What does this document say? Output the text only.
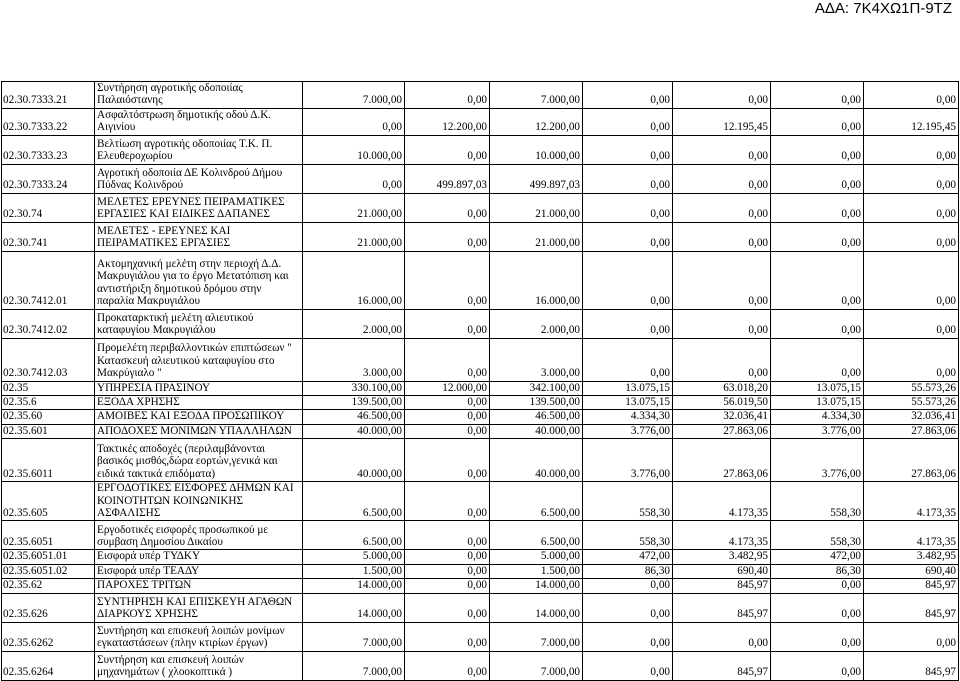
ΑΔΑ: 7Κ4ΧΩ1Π-9ΤΖ
02.30.7333.21	Συντήρηση αγροτικής οδοποιίας Παλαιόστανης	7.000,00	0,00	7.000,00	0,00	0,00	0,00	0,00
02.30.7333.22	Ασφαλτόστρωση δημοτικής οδού Δ.Κ. Αιγινίου	0,00	12.200,00	12.200,00	0,00	12.195,45	0,00	12.195,45
02.30.7333.23	Βελτίωση αγροτικής οδοποιίας Τ.Κ. Π. Ελευθεροχωρίου	10.000,00	0,00	10.000,00	0,00	0,00	0,00	0,00
02.30.7333.24	Αγροτική οδοποιία ΔΕ Κολινδρού Δήμου Πύδνας Κολινδρού	0,00	499.897,03	499.897,03	0,00	0,00	0,00	0,00
02.30.74	ΜΕΛΕΤΕΣ ΕΡΕΥΝΕΣ ΠΕΙΡΑΜΑΤΙΚΕΣ ΕΡΓΑΣΙΕΣ ΚΑΙ ΕΙΔΙΚΕΣ ΔΑΠΑΝΕΣ	21.000,00	0,00	21.000,00	0,00	0,00	0,00	0,00
02.30.741	ΜΕΛΕΤΕΣ - ΕΡΕΥΝΕΣ ΚΑΙ ΠΕΙΡΑΜΑΤΙΚΕΣ ΕΡΓΑΣΙΕΣ	21.000,00	0,00	21.000,00	0,00	0,00	0,00	0,00
02.30.7412.01	Ακτομηχανική μελέτη στην περιοχή Δ.Δ. Μακρυγιάλου για το έργο Μετατόπιση και αντιστήριξη δημοτικού δρόμου στην παραλία Μακρυγιάλου	16.000,00	0,00	16.000,00	0,00	0,00	0,00	0,00
02.30.7412.02	Προκαταρκτική μελέτη αλιευτικού καταφυγίου Μακρυγιάλου	2.000,00	0,00	2.000,00	0,00	0,00	0,00	0,00
02.30.7412.03	Προμελέτη περιβαλλοντικών επιπτώσεων " Κατασκευή αλιευτικού καταφυγίου στο Μακρύγιαλο "	3.000,00	0,00	3.000,00	0,00	0,00	0,00	0,00
02.35	ΥΠΗΡΕΣΙΑ ΠΡΑΣΙΝΟΥ	330.100,00	12.000,00	342.100,00	13.075,15	63.018,20	13.075,15	55.573,26
02.35.6	ΕΞΟΔΑ ΧΡΗΣΗΣ	139.500,00	0,00	139.500,00	13.075,15	56.019,50	13.075,15	55.573,26
02.35.60	ΑΜΟΙΒΕΣ ΚΑΙ ΕΞΟΔΑ ΠΡΟΣΩΠΙΚΟΥ	46.500,00	0,00	46.500,00	4.334,30	32.036,41	4.334,30	32.036,41
02.35.601	ΑΠΟΔΟΧΕΣ ΜΟΝΙΜΩΝ ΥΠΑΛΛΗΛΩΝ	40.000,00	0,00	40.000,00	3.776,00	27.863,06	3.776,00	27.863,06
02.35.6011	Τακτικές αποδοχές (περιλαμβάνονται βασικός μισθός,δώρα εορτών,γενικά και ειδικά τακτικά επιδόματα)	40.000,00	0,00	40.000,00	3.776,00	27.863,06	3.776,00	27.863,06
02.35.605	ΕΡΓΟΔΟΤΙΚΕΣ ΕΙΣΦΟΡΕΣ ΔΗΜΩΝ ΚΑΙ ΚΟΙΝΟΤΗΤΩΝ ΚΟΙΝΩΝΙΚΗΣ ΑΣΦΑΛΙΣΗΣ	6.500,00	0,00	6.500,00	558,30	4.173,35	558,30	4.173,35
02.35.6051	Εργοδοτικές εισφορές προσωπικού με συμβαση Δημοσίου Δικαίου	6.500,00	0,00	6.500,00	558,30	4.173,35	558,30	4.173,35
02.35.6051.01	Εισφορά υπέρ ΤΥΔΚΥ	5.000,00	0,00	5.000,00	472,00	3.482,95	472,00	3.482,95
02.35.6051.02	Εισφορά υπέρ ΤΕΑΔΥ	1.500,00	0,00	1.500,00	86,30	690,40	86,30	690,40
02.35.62	ΠΑΡΟΧΕΣ ΤΡΙΤΩΝ	14.000,00	0,00	14.000,00	0,00	845,97	0,00	845,97
02.35.626	ΣΥΝΤΗΡΗΣΗ ΚΑΙ ΕΠΙΣΚΕΥΗ ΑΓΑΘΩΝ ΔΙΑΡΚΟΥΣ ΧΡΗΣΗΣ	14.000,00	0,00	14.000,00	0,00	845,97	0,00	845,97
02.35.6262	Συντήρηση και επισκευή λοιπών μονίμων εγκαταστάσεων (πλην κτιρίων έργων)	7.000,00	0,00	7.000,00	0,00	0,00	0,00	0,00
02.35.6264	Συντήρηση και επισκευή λοιπών μηχανημάτων ( χλοοκοπτικά )	7.000,00	0,00	7.000,00	0,00	845,97	0,00	845,97
